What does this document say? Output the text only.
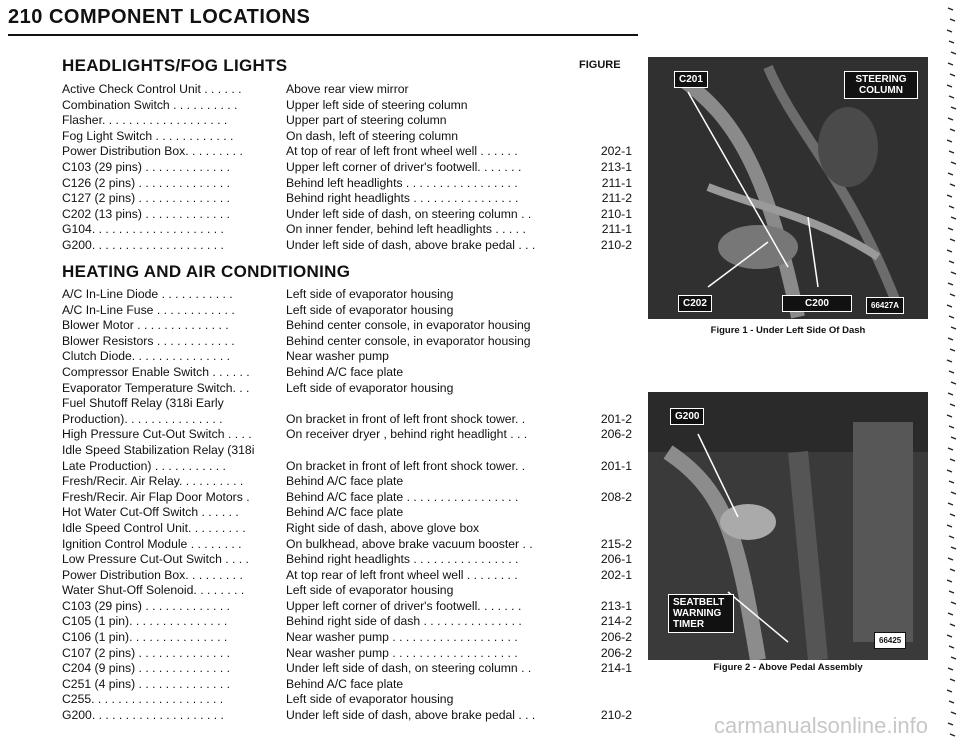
210 COMPONENT LOCATIONS
HEADLIGHTS/FOG LIGHTS	FIGURE
Active Check Control Unit . . . . . .	Above rear view mirror
Combination Switch . . . . . . . . . .	Upper left side of steering column
Flasher. . . . . . . . . . . . . . . . . . .	Upper part of steering column
Fog Light Switch . . . . . . . . . . . .	On dash, left of steering column
Power Distribution Box. . . . . . . . .	At top of rear of left front wheel well . . . . . .	202-1
C103 (29 pins) . . . . . . . . . . . . .	Upper left corner of driver's footwell. . . . . . .	213-1
C126 (2 pins) . . . . . . . . . . . . . .	Behind left headlights . . . . . . . . . . . . . . . . .	211-1
C127 (2 pins) . . . . . . . . . . . . . .	Behind right headlights . . . . . . . . . . . . . . . .	211-2
C202 (13 pins) . . . . . . . . . . . . .	Under left side of dash, on steering column . .	210-1
G104. . . . . . . . . . . . . . . . . . . .	On inner fender, behind left headlights . . . . .	211-1
G200. . . . . . . . . . . . . . . . . . . .	Under left side of dash, above brake pedal . . .	210-2
HEATING AND AIR CONDITIONING
A/C In-Line Diode . . . . . . . . . . .	Left side of evaporator housing
A/C In-Line Fuse . . . . . . . . . . . .	Left side of evaporator housing
Blower Motor . . . . . . . . . . . . . .	Behind center console, in evaporator housing
Blower Resistors . . . . . . . . . . . .	Behind center console, in evaporator housing
Clutch Diode. . . . . . . . . . . . . . .	Near washer pump
Compressor Enable Switch . . . . . .	Behind A/C face plate
Evaporator Temperature Switch. . .	Left side of evaporator housing
Fuel Shutoff Relay (318i Early
Production). . . . . . . . . . . . . . .	On bracket in front of left front shock tower. .	201-2
High Pressure Cut-Out Switch . . . .	On receiver dryer , behind right headlight . . .	206-2
Idle Speed Stabilization Relay (318i
Late Production) . . . . . . . . . . .	On bracket in front of left front shock tower. .	201-1
Fresh/Recir. Air Relay. . . . . . . . . .	Behind A/C face plate
Fresh/Recir. Air Flap Door Motors .	Behind A/C face plate . . . . . . . . . . . . . . . . .	208-2
Hot Water Cut-Off Switch . . . . . .	Behind A/C face plate
Idle Speed Control Unit. . . . . . . . .	Right side of dash, above glove box
Ignition Control Module . . . . . . . .	On bulkhead, above brake vacuum booster . .	215-2
Low Pressure Cut-Out Switch . . . .	Behind right headlights . . . . . . . . . . . . . . . .	206-1
Power Distribution Box. . . . . . . . .	At top rear of left front wheel well . . . . . . . .	202-1
Water Shut-Off Solenoid. . . . . . . .	Left side of evaporator housing
C103 (29 pins) . . . . . . . . . . . . .	Upper left corner of driver's footwell. . . . . . .	213-1
C105 (1 pin). . . . . . . . . . . . . . .	Behind right side of dash . . . . . . . . . . . . . . .	214-2
C106 (1 pin). . . . . . . . . . . . . . .	Near washer pump . . . . . . . . . . . . . . . . . . .	206-2
C107 (2 pins) . . . . . . . . . . . . . .	Near washer pump . . . . . . . . . . . . . . . . . . .	206-2
C204 (9 pins) . . . . . . . . . . . . . .	Under left side of dash, on steering column . .	214-1
C251 (4 pins) . . . . . . . . . . . . . .	Behind A/C face plate
C255. . . . . . . . . . . . . . . . . . . .	Left side of evaporator housing
G200. . . . . . . . . . . . . . . . . . . .	Under left side of dash, above brake pedal . . .	210-2
C201	STEERING COLUMN
C202	C200	66427A
Figure 1 - Under Left Side Of Dash
G200
SEATBELT WARNING TIMER
66425
Figure 2 - Above Pedal Assembly
carmanualsonline.info
